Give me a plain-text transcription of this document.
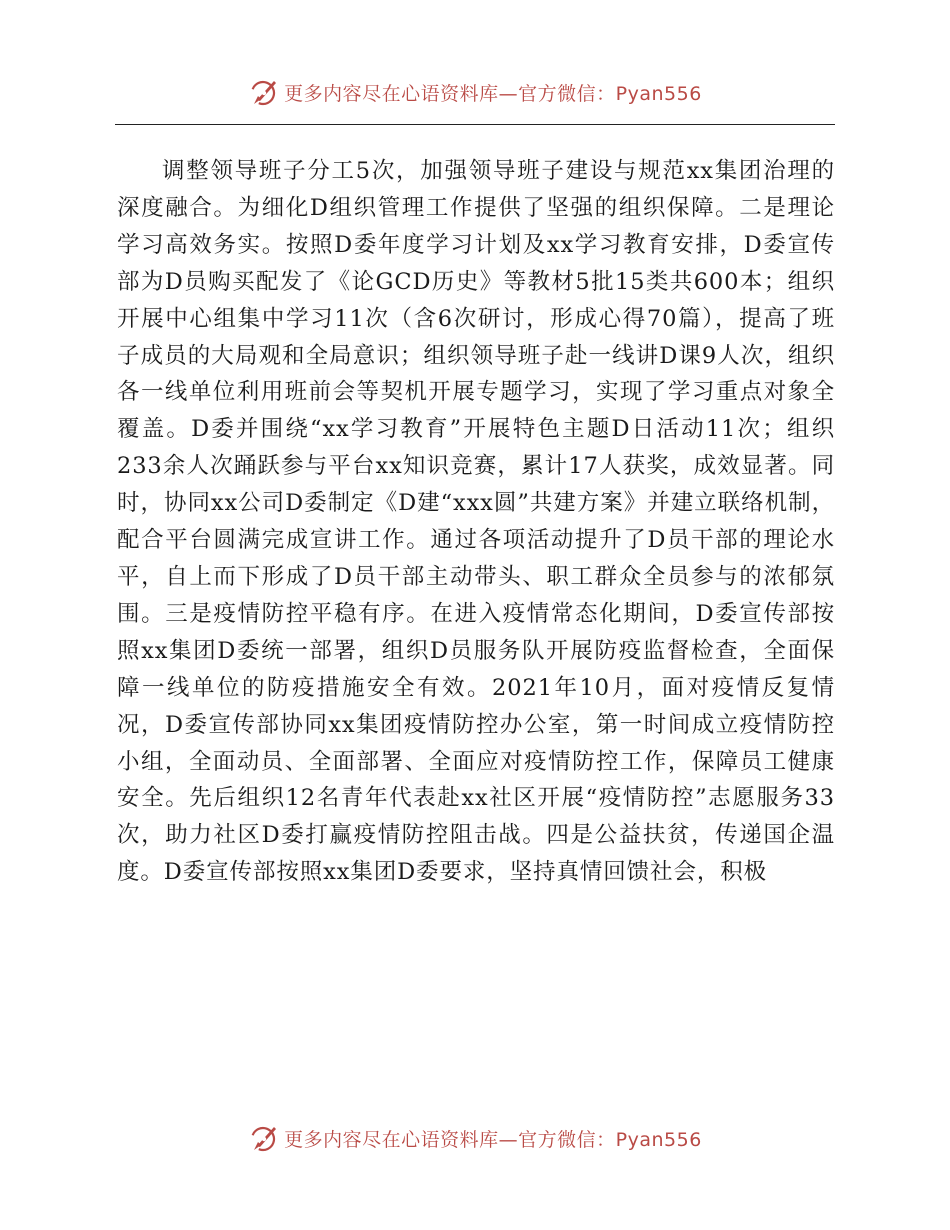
更多内容尽在心语资料库—官方微信：Pyan556

调整领导班子分工5次，加强领导班子建设与规范xx集团治理的深度融合。为细化D组织管理工作提供了坚强的组织保障。二是理论学习高效务实。按照D委年度学习计划及xx学习教育安排，D委宣传部为D员购买配发了《论GCD历史》等教材5批15类共600本；组织开展中心组集中学习11次（含6次研讨，形成心得70篇），提高了班子成员的大局观和全局意识；组织领导班子赴一线讲D课9人次，组织各一线单位利用班前会等契机开展专题学习，实现了学习重点对象全覆盖。D委并围绕“xx学习教育”开展特色主题D日活动11次；组织233余人次踊跃参与平台xx知识竞赛，累计17人获奖，成效显著。同时，协同xx公司D委制定《D建“xxx圆”共建方案》并建立联络机制，配合平台圆满完成宣讲工作。通过各项活动提升了D员干部的理论水平，自上而下形成了D员干部主动带头、职工群众全员参与的浓郁氛围。三是疫情防控平稳有序。在进入疫情常态化期间，D委宣传部按照xx集团D委统一部署，组织D员服务队开展防疫监督检查，全面保障一线单位的防疫措施安全有效。2021年10月，面对疫情反复情况，D委宣传部协同xx集团疫情防控办公室，第一时间成立疫情防控小组，全面动员、全面部署、全面应对疫情防控工作，保障员工健康安全。先后组织12名青年代表赴xx社区开展“疫情防控”志愿服务33次，助力社区D委打赢疫情防控阻击战。四是公益扶贫，传递国企温度。D委宣传部按照xx集团D委要求，坚持真情回馈社会，积极

更多内容尽在心语资料库—官方微信：Pyan556
